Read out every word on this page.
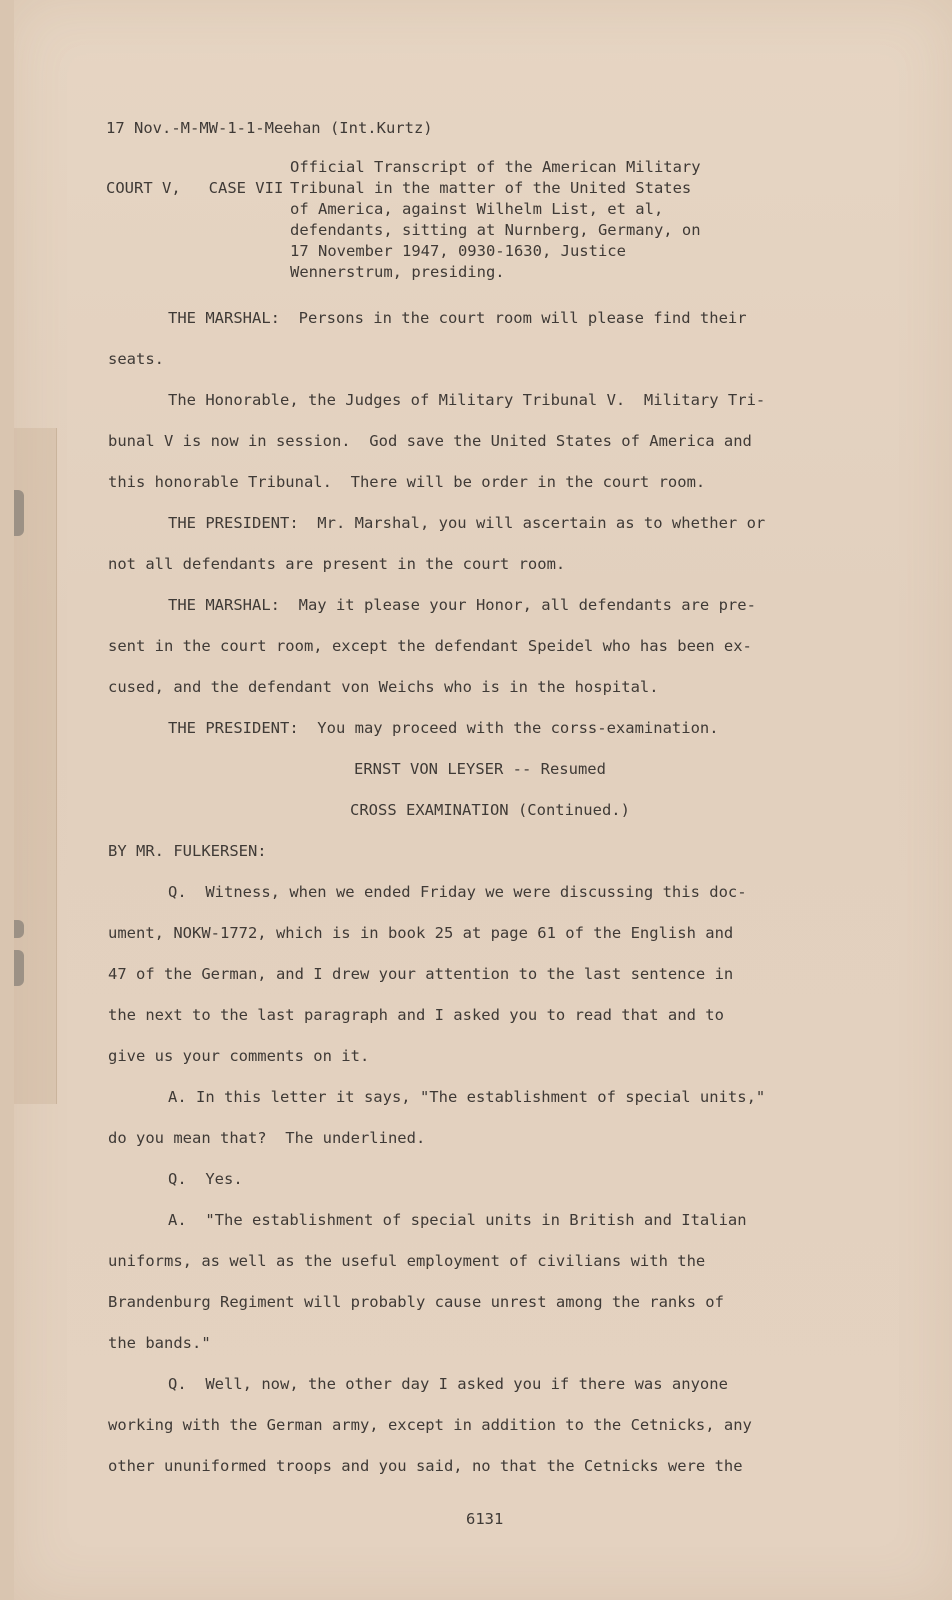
17 Nov.-M-MW-1-1-Meehan (Int.Kurtz)

COURT V,   CASE VII

Official Transcript of the American Military
Tribunal in the matter of the United States
of America, against Wilhelm List, et al,
defendants, sitting at Nurnberg, Germany, on
17 November 1947, 0930-1630, Justice
Wennerstrum, presiding.
THE MARSHAL:  Persons in the court room will please find their
seats.
The Honorable, the Judges of Military Tribunal V.  Military Tri-
bunal V is now in session.  God save the United States of America and
this honorable Tribunal.  There will be order in the court room.
THE PRESIDENT:  Mr. Marshal, you will ascertain as to whether or
not all defendants are present in the court room.
THE MARSHAL:  May it please your Honor, all defendants are pre-
sent in the court room, except the defendant Speidel who has been ex-
cused, and the defendant von Weichs who is in the hospital.
THE PRESIDENT:  You may proceed with the corss-examination.
ERNST VON LEYSER -- Resumed
CROSS EXAMINATION (Continued.)
BY MR. FULKERSEN:
Q.  Witness, when we ended Friday we were discussing this doc-
ument, NOKW-1772, which is in book 25 at page 61 of the English and
47 of the German, and I drew your attention to the last sentence in
the next to the last paragraph and I asked you to read that and to
give us your comments on it.
A. In this letter it says, "The establishment of special units,"
do you mean that?  The underlined.
Q.  Yes.
A.  "The establishment of special units in British and Italian
uniforms, as well as the useful employment of civilians with the
Brandenburg Regiment will probably cause unrest among the ranks of
the bands."
Q.  Well, now, the other day I asked you if there was anyone
working with the German army, except in addition to the Cetnicks, any
other ununiformed troops and you said, no that the Cetnicks were the
6131
